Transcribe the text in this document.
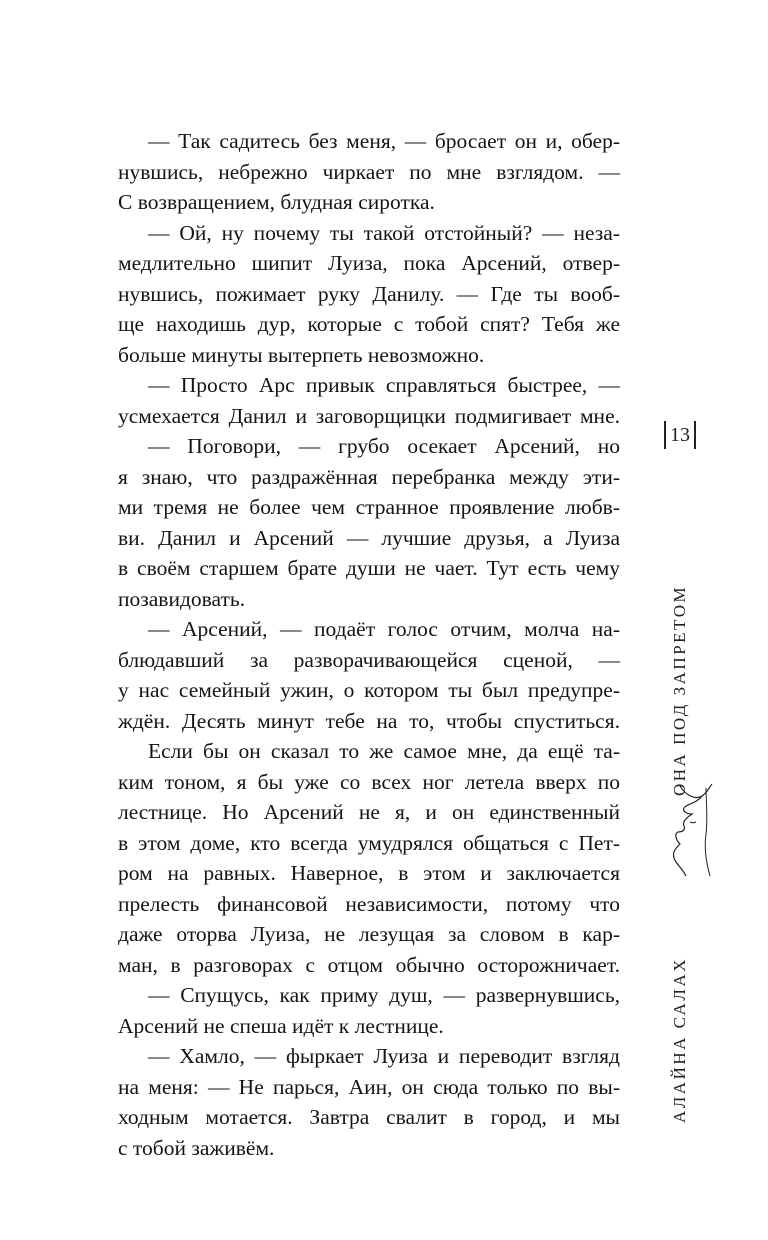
— Так садитесь без меня, — бросает он и, обер-
нувшись, небрежно чиркает по мне взглядом. —
С возвращением, блудная сиротка.
— Ой, ну почему ты такой отстойный? — неза-
медлительно шипит Луиза, пока Арсений, отвер-
нувшись, пожимает руку Данилу. — Где ты вооб-
ще находишь дур, которые с тобой спят? Тебя же
больше минуты вытерпеть невозможно.
— Просто Арс привык справляться быстрее, —
усмехается Данил и заговорщицки подмигивает мне.
— Поговори, — грубо осекает Арсений, но
я знаю, что раздражённая перебранка между эти-
ми тремя не более чем странное проявление любв-
ви. Данил и Арсений — лучшие друзья, а Луиза
в своём старшем брате души не чает. Тут есть чему
позавидовать.
— Арсений, — подаёт голос отчим, молча на-
блюдавший за разворачивающейся сценой, —
у нас семейный ужин, о котором ты был предупре-
ждён. Десять минут тебе на то, чтобы спуститься.
Если бы он сказал то же самое мне, да ещё та-
ким тоном, я бы уже со всех ног летела вверх по
лестнице. Но Арсений не я, и он единственный
в этом доме, кто всегда умудрялся общаться с Пет-
ром на равных. Наверное, в этом и заключается
прелесть финансовой независимости, потому что
даже оторва Луиза, не лезущая за словом в кар-
ман, в разговорах с отцом обычно осторожничает.
— Спущусь, как приму душ, — развернувшись,
Арсений не спеша идёт к лестнице.
— Хамло, — фыркает Луиза и переводит взгляд
на меня: — Не парься, Аин, он сюда только по вы-
ходным мотается. Завтра свалит в город, и мы
с тобой заживём.
13
ОНА ПОД ЗАПРЕТОМ
АЛАЙНА САЛАХ
